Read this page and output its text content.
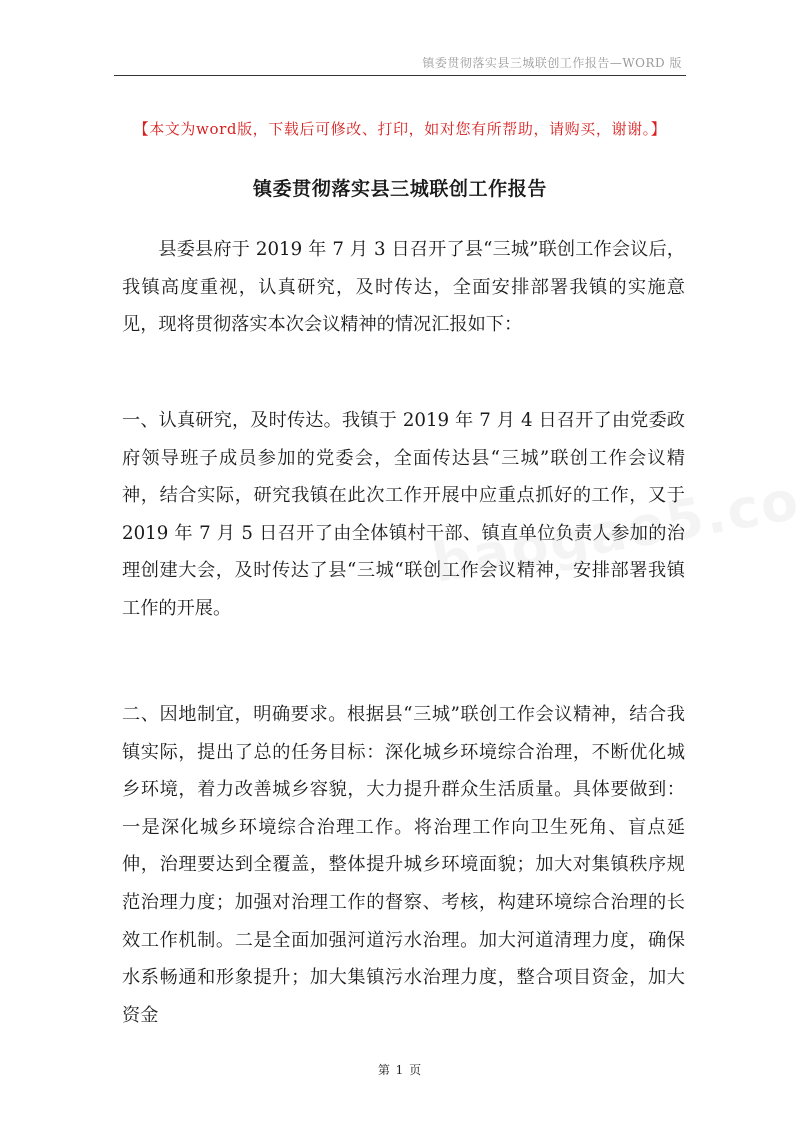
镇委贯彻落实县三城联创工作报告—WORD 版
【本文为word版，下载后可修改、打印，如对您有所帮助，请购买，谢谢。】
镇委贯彻落实县三城联创工作报告

县委县府于 2019 年 7 月 3 日召开了县“三城”联创工作会议后，我镇高度重视，认真研究，及时传达，全面安排部署我镇的实施意见，现将贯彻落实本次会议精神的情况汇报如下：

一、认真研究，及时传达。我镇于 2019 年 7 月 4 日召开了由党委政府领导班子成员参加的党委会，全面传达县“三城”联创工作会议精神，结合实际，研究我镇在此次工作开展中应重点抓好的工作，又于 2019 年 7 月 5 日召开了由全体镇村干部、镇直单位负责人参加的治理创建大会，及时传达了县“三城“联创工作会议精神，安排部署我镇工作的开展。

二、因地制宜，明确要求。根据县“三城”联创工作会议精神，结合我镇实际，提出了总的任务目标：深化城乡环境综合治理，不断优化城乡环境，着力改善城乡容貌，大力提升群众生活质量。具体要做到：一是深化城乡环境综合治理工作。将治理工作向卫生死角、盲点延伸，治理要达到全覆盖，整体提升城乡环境面貌；加大对集镇秩序规范治理力度；加强对治理工作的督察、考核，构建环境综合治理的长效工作机制。二是全面加强河道污水治理。加大河道清理力度，确保水系畅通和形象提升；加大集镇污水治理力度，整合项目资金，加大资金

第 1 页
